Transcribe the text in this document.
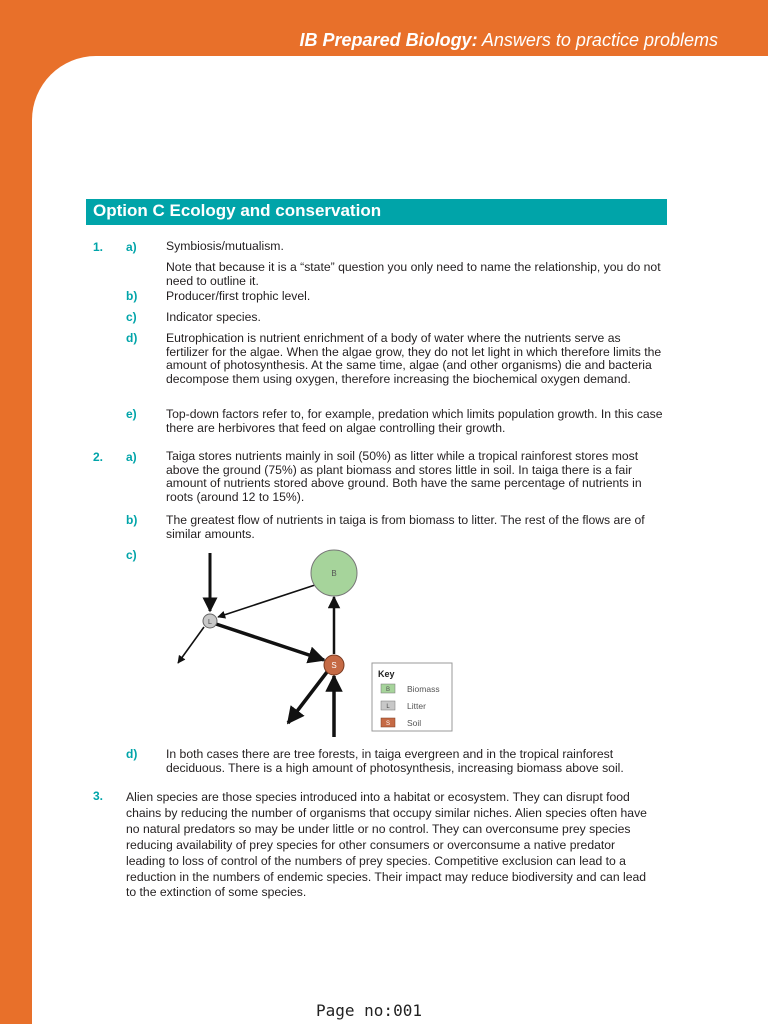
IB Prepared Biology: Answers to practice problems
Option C Ecology and conservation
1. a) Symbiosis/mutualism.
Note that because it is a “state” question you only need to name the relationship, you do not need to outline it.
b) Producer/first trophic level.
c) Indicator species.
d) Eutrophication is nutrient enrichment of a body of water where the nutrients serve as fertilizer for the algae. When the algae grow, they do not let light in which therefore limits the amount of photosynthesis. At the same time, algae (and other organisms) die and bacteria decompose them using oxygen, therefore increasing the biochemical oxygen demand.
e) Top-down factors refer to, for example, predation which limits population growth. In this case there are herbivores that feed on algae controlling their growth.
2. a) Taiga stores nutrients mainly in soil (50%) as litter while a tropical rainforest stores most above the ground (75%) as plant biomass and stores little in soil. In taiga there is a fair amount of nutrients stored above ground. Both have the same percentage of nutrients in roots (around 12 to 15%).
b) The greatest flow of nutrients in taiga is from biomass to litter. The rest of the flows are of similar amounts.
c)
B
L
S
Key
B Biomass
L Litter
S Soil
d) In both cases there are tree forests, in taiga evergreen and in the tropical rainforest deciduous. There is a high amount of photosynthesis, increasing biomass above soil.
3. Alien species are those species introduced into a habitat or ecosystem. They can disrupt food chains by reducing the number of organisms that occupy similar niches. Alien species often have no natural predators so may be under little or no control. They can overconsume prey species reducing availability of prey species for other consumers or overconsume a native predator leading to loss of control of the numbers of prey species. Competitive exclusion can lead to a reduction in the numbers of endemic species. Their impact may reduce biodiversity and can lead to the extinction of some species.
Page no:001
